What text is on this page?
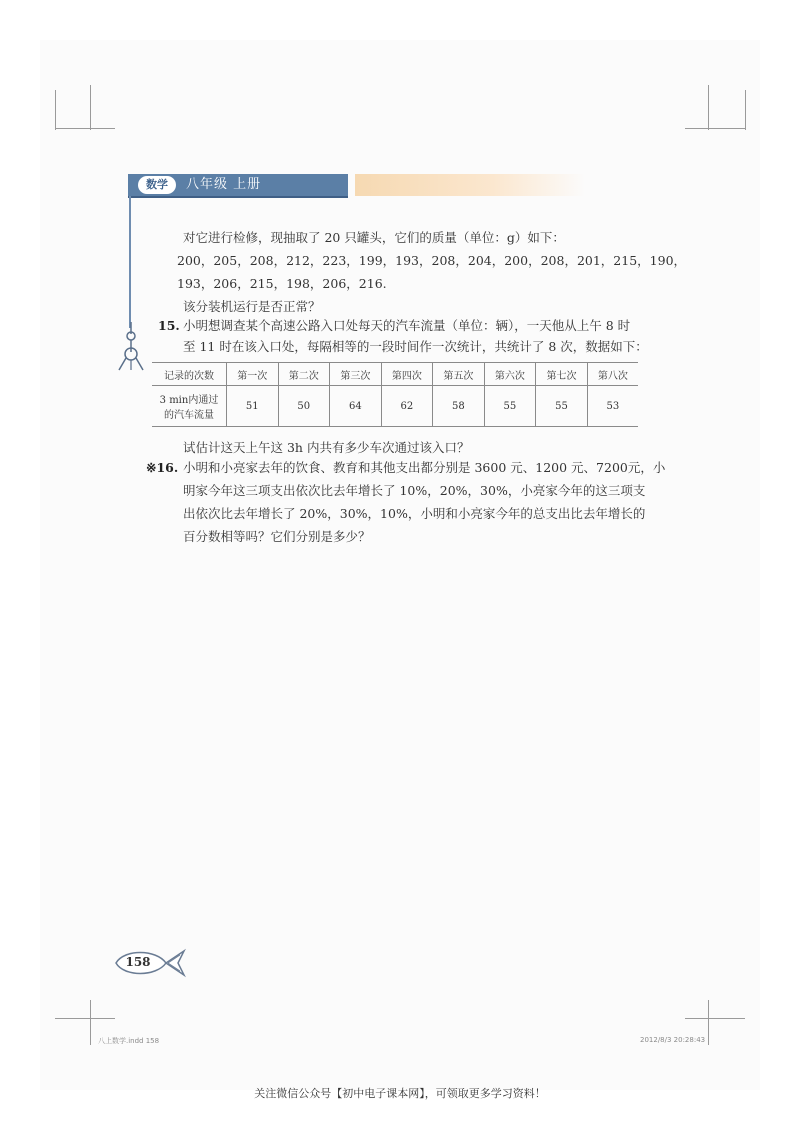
数学	八年级 上册
对它进行检修，现抽取了 20 只罐头，它们的质量（单位：g）如下：
200，205，208，212，223，199，193，208，204，200，208，201，215，190，
193，206，215，198，206，216.
该分装机运行是否正常？
15. 小明想调查某个高速公路入口处每天的汽车流量（单位：辆），一天他从上午 8 时
至 11 时在该入口处，每隔相等的一段时间作一次统计，共统计了 8 次，数据如下：
记录的次数	第一次	第二次	第三次	第四次	第五次	第六次	第七次	第八次

3 min内通过
的汽车流量	51	50	64	62	58	55	55	53
试估计这天上午这 3h 内共有多少车次通过该入口？
※16. 小明和小亮家去年的饮食、教育和其他支出都分别是 3600 元、1200 元、7200元，小
明家今年这三项支出依次比去年增长了 10%，20%，30%，小亮家今年的这三项支
出依次比去年增长了 20%，30%，10%，小明和小亮家今年的总支出比去年增长的
百分数相等吗？它们分别是多少？
158
八上数学.indd 158	2012/8/3 20:28:43
关注微信公众号【初中电子课本网】，可领取更多学习资料！
